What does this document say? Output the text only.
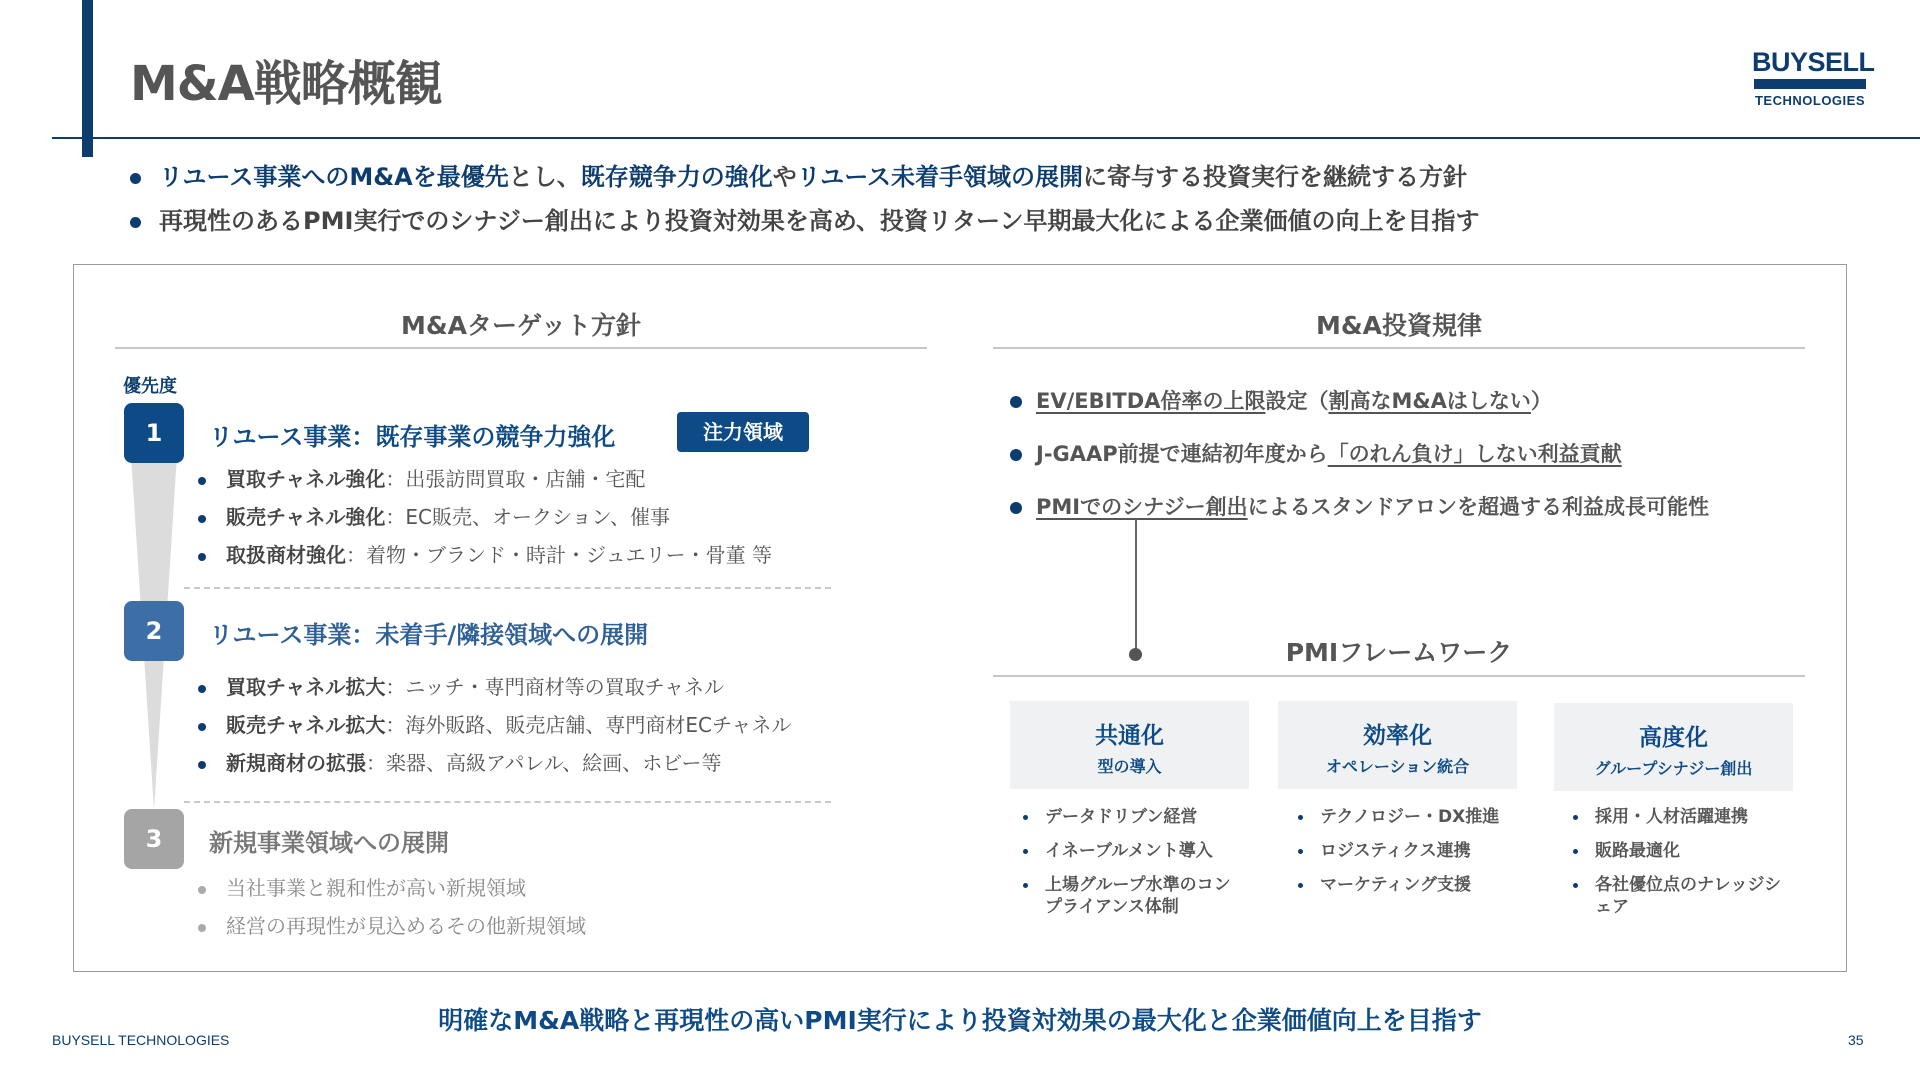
M&A戦略概観	BUYSELL
TECHNOLOGIES
リユース事業へのM&Aを最優先とし、既存競争力の強化やリユース未着手領域の展開に寄与する投資実行を継続する方針
再現性のあるPMI実行でのシナジー創出により投資対効果を高め、投資リターン早期最大化による企業価値の向上を目指す
M&Aターゲット方針
優先度
1	リユース事業：既存事業の競争力強化	注力領域
買取チャネル強化：出張訪問買取・店舗・宅配
販売チャネル強化：EC販売、オークション、催事
取扱商材強化：着物・ブランド・時計・ジュエリー・骨董 等
2	リユース事業：未着手/隣接領域への展開
買取チャネル拡大：ニッチ・専門商材等の買取チャネル
販売チャネル拡大：海外販路、販売店舗、専門商材ECチャネル
新規商材の拡張：楽器、高級アパレル、絵画、ホビー等
3	新規事業領域への展開
当社事業と親和性が高い新規領域
経営の再現性が見込めるその他新規領域
M&A投資規律
EV/EBITDA倍率の上限設定（割高なM&Aはしない）
J-GAAP前提で連結初年度から「のれん負け」しない利益貢献
PMIでのシナジー創出によるスタンドアロンを超過する利益成長可能性
PMIフレームワーク
共通化
型の導入
効率化
オペレーション統合
高度化
グループシナジー創出
データドリブン経営
イネーブルメント導入
上場グループ水準のコンプライアンス体制
テクノロジー・DX推進
ロジスティクス連携
マーケティング支援
採用・人材活躍連携
販路最適化
各社優位点のナレッジシェア
明確なM&A戦略と再現性の高いPMI実行により投資対効果の最大化と企業価値向上を目指す
BUYSELL TECHNOLOGIES	35
